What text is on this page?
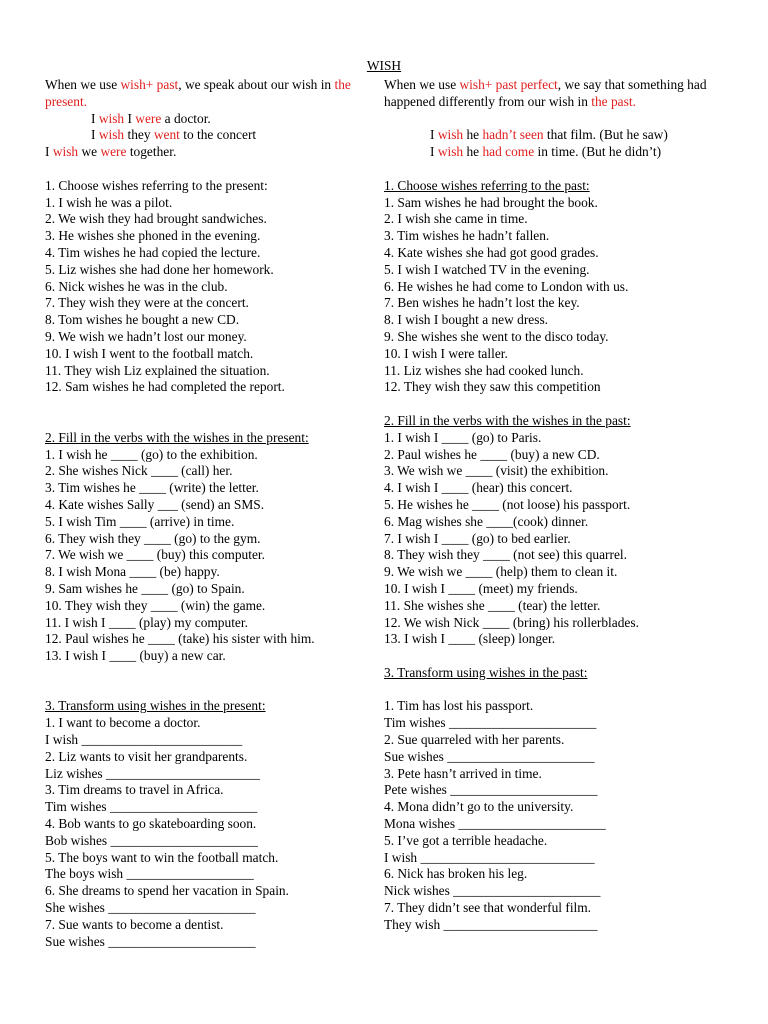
WISH
When we use wish+ past, we speak about our wish in the present.
I wish I were a doctor.
I wish they went to the concert
I wish we were together.
1. Choose wishes referring to the present:
1. I wish he was a pilot.
2. We wish they had brought sandwiches.
3. He wishes she phoned in the evening.
4. Tim wishes he had copied the lecture.
5. Liz wishes she had done her homework.
6. Nick wishes he was in the club.
7. They wish they were at the concert.
8. Tom wishes he bought a new CD.
9. We wish we hadn’t lost our money.
10. I wish I went to the football match.
11. They wish Liz explained the situation.
12. Sam wishes he had completed the report.
2. Fill in the verbs with the wishes in the present:
1. I wish he ____ (go) to the exhibition.
2. She wishes Nick ____ (call) her.
3. Tim wishes he ____ (write) the letter.
4. Kate wishes Sally ___ (send) an SMS.
5. I wish Tim ____ (arrive) in time.
6. They wish they ____ (go) to the gym.
7. We wish we ____ (buy) this computer.
8. I wish Mona ____ (be) happy.
9. Sam wishes he ____ (go) to Spain.
10. They wish they ____ (win) the game.
11. I wish I ____ (play) my computer.
12. Paul wishes he ____ (take) his sister with him.
13. I wish I ____ (buy) a new car.
3. Transform using wishes in the present:
1. I want to become a doctor.
I wish ________________________
2. Liz wants to visit her grandparents.
Liz wishes _______________________
3. Tim dreams to travel in Africa.
Tim wishes ______________________
4. Bob wants to go skateboarding soon.
Bob wishes ______________________
5. The boys want to win the football match.
The boys wish ___________________
6. She dreams to spend her vacation in Spain.
She wishes ______________________
7. Sue wants to become a dentist.
Sue wishes ______________________
When we use wish+ past perfect, we say that something had happened differently from our wish in the past.
I wish he hadn’t seen that film. (But he saw)
I wish he had come in time. (But he didn’t)
1. Choose wishes referring to the past:
1. Sam wishes he had brought the book.
2. I wish she came in time.
3. Tim wishes he hadn’t fallen.
4. Kate wishes she had got good grades.
5. I wish I watched TV in the evening.
6. He wishes he had come to London with us.
7. Ben wishes he hadn’t lost the key.
8. I wish I bought a new dress.
9. She wishes she went to the disco today.
10. I wish I were taller.
11. Liz wishes she had cooked lunch.
12. They wish they saw this competition
2. Fill in the verbs with the wishes in the past:
1. I wish I ____ (go) to Paris.
2. Paul wishes he ____ (buy) a new CD.
3. We wish we ____ (visit) the exhibition.
4. I wish I ____ (hear) this concert.
5. He wishes he ____ (not loose) his passport.
6. Mag wishes she ____(cook) dinner.
7. I wish I ____ (go) to bed earlier.
8. They wish they ____ (not see) this quarrel.
9. We wish we ____ (help) them to clean it.
10. I wish I ____ (meet) my friends.
11. She wishes she ____ (tear) the letter.
12. We wish Nick ____ (bring) his rollerblades.
13. I wish I ____ (sleep) longer.
3. Transform using wishes in the past:
1. Tim has lost his passport.
Tim wishes ______________________
2. Sue quarreled with her parents.
Sue wishes ______________________
3. Pete hasn’t arrived in time.
Pete wishes ______________________
4. Mona didn’t go to the university.
Mona wishes ______________________
5. I’ve got a terrible headache.
I wish __________________________
6. Nick has broken his leg.
Nick wishes ______________________
7. They didn’t see that wonderful film.
They wish _______________________
